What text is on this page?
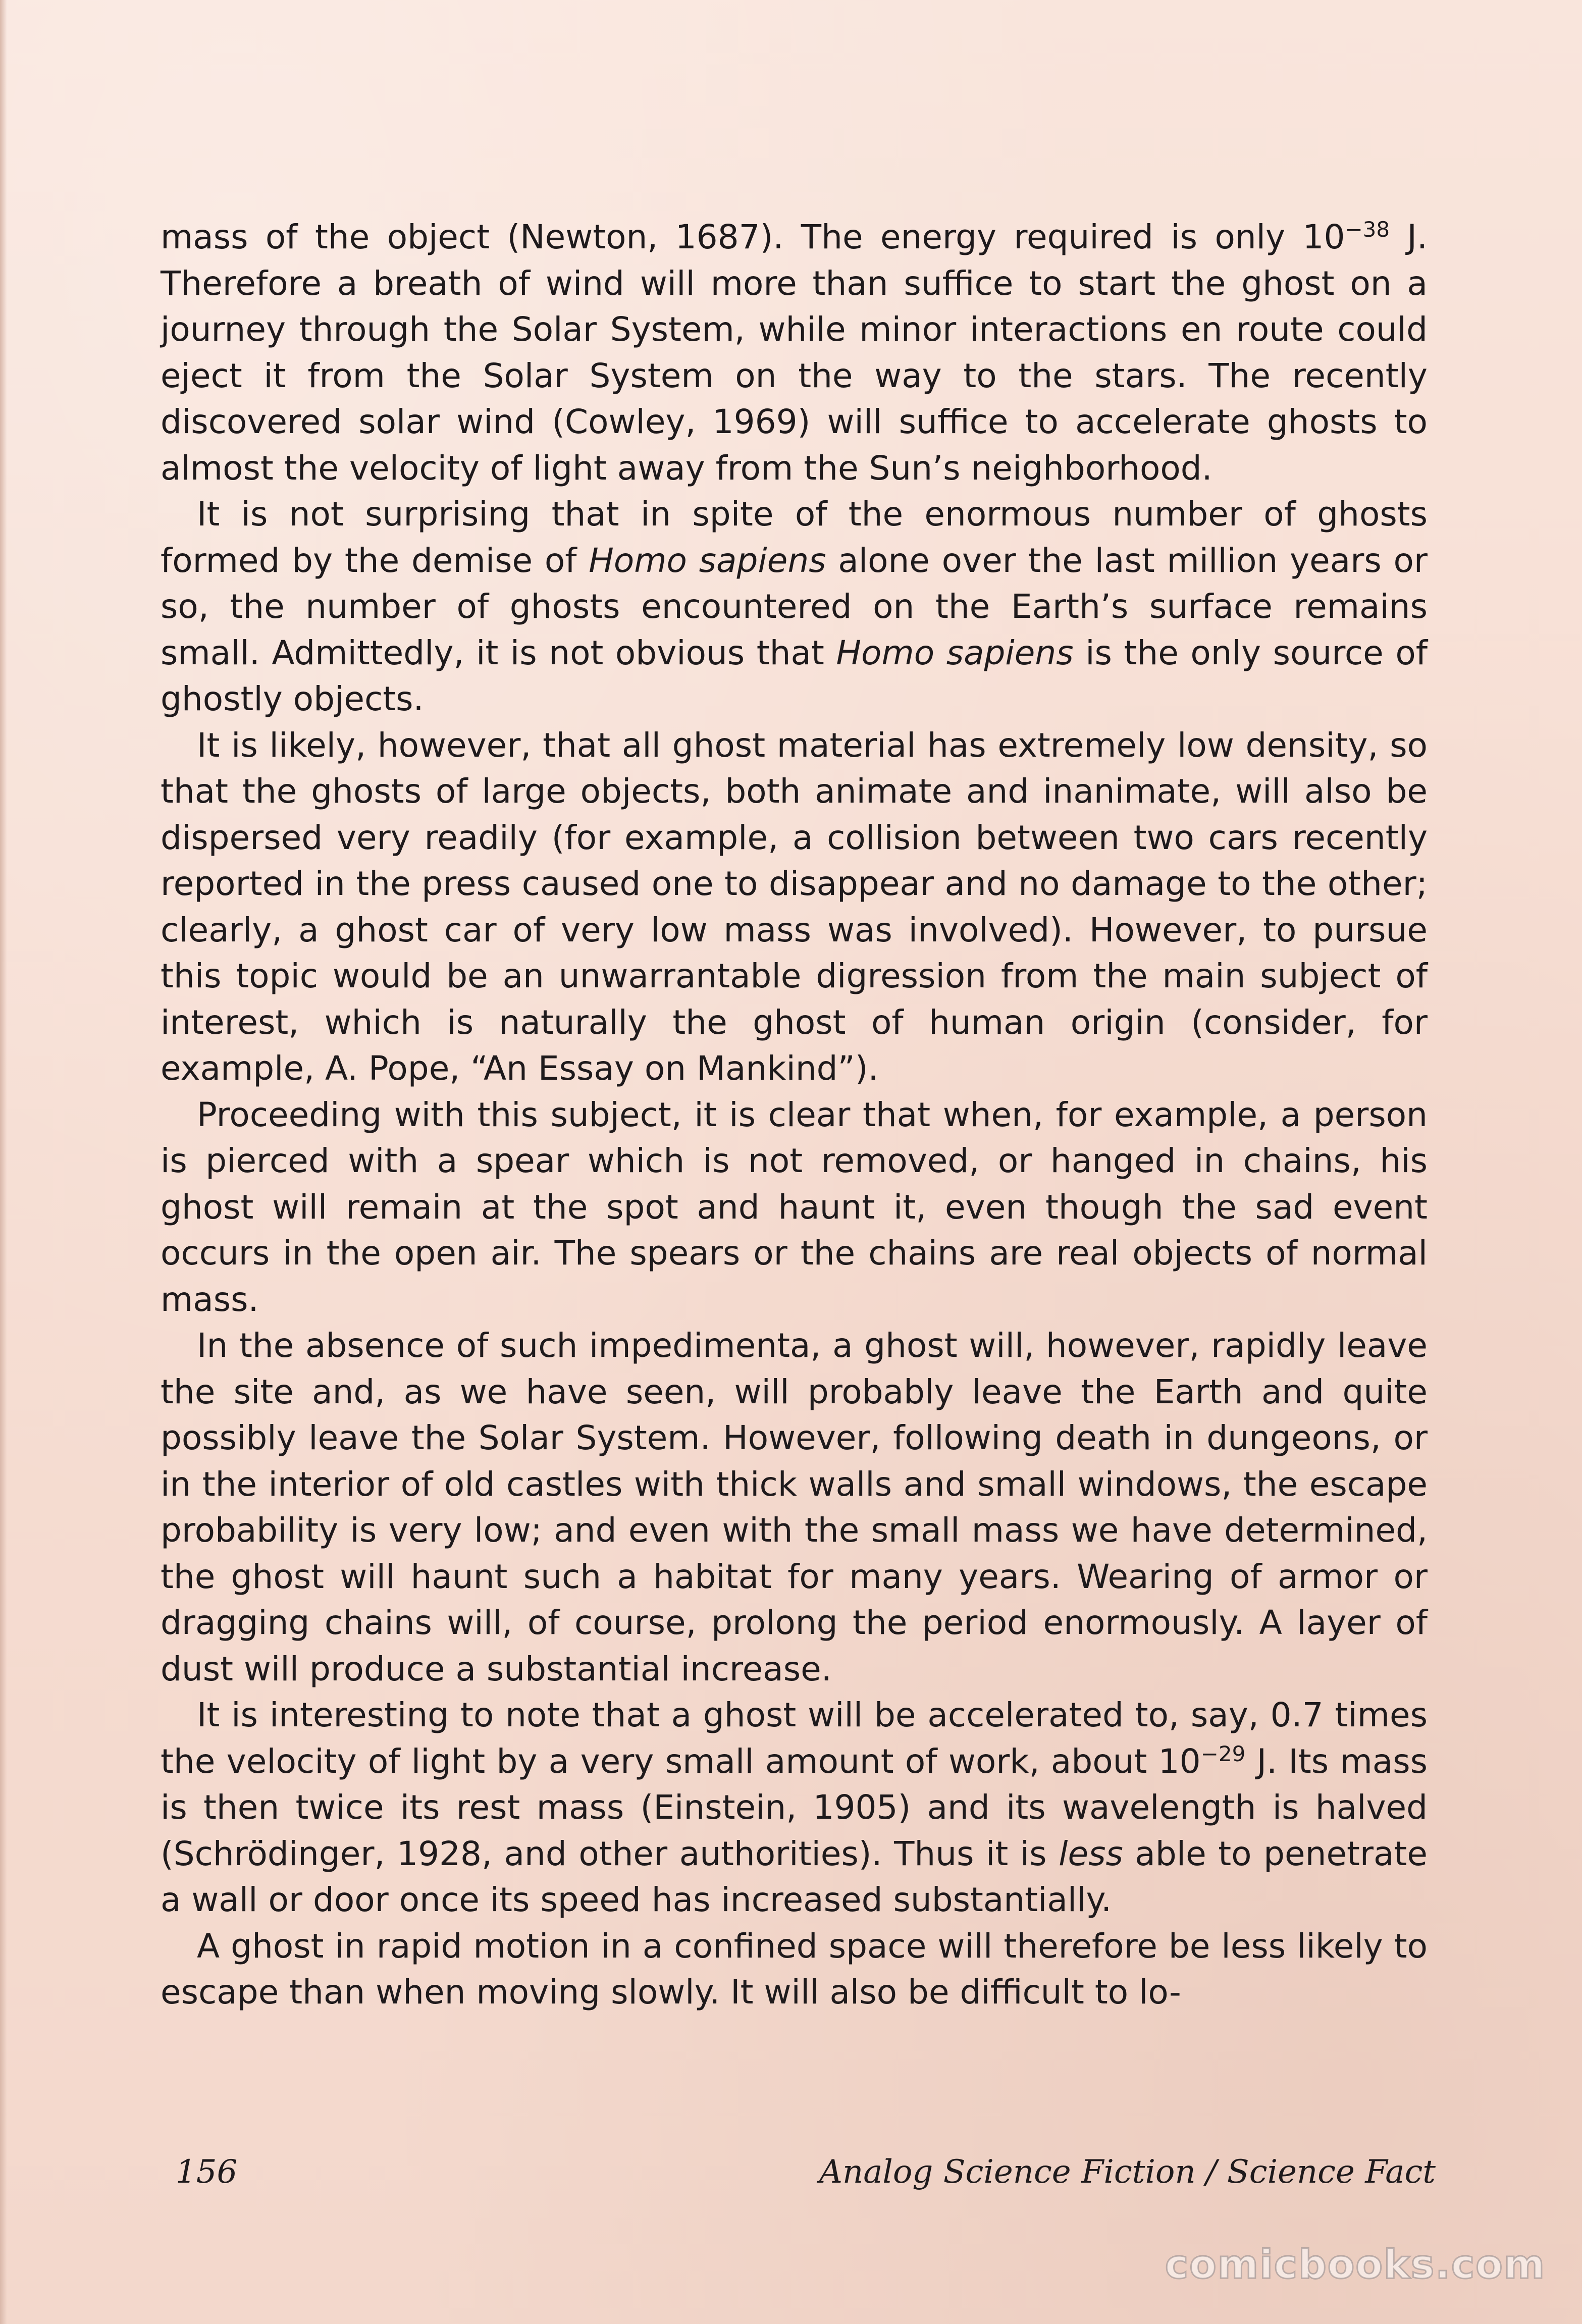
mass of the object (Newton, 1687). The energy required is only $10^{-38}$ J. Therefore a breath of wind will more than suffice to start the ghost on a journey through the Solar System, while minor interactions en route could eject it from the Solar System on the way to the stars. The recently discovered solar wind (Cowley, 1969) will suffice to accelerate ghosts to almost the velocity of light away from the Sun’s neighborhood.

It is not surprising that in spite of the enormous number of ghosts formed by the demise of Homo sapiens alone over the last million years or so, the number of ghosts encountered on the Earth’s surface remains small. Admittedly, it is not obvious that Homo sapiens is the only source of ghostly objects.

It is likely, however, that all ghost material has extremely low density, so that the ghosts of large objects, both animate and inanimate, will also be dispersed very readily (for example, a collision between two cars recently reported in the press caused one to disappear and no damage to the other; clearly, a ghost car of very low mass was involved). However, to pursue this topic would be an unwarrantable digression from the main subject of interest, which is naturally the ghost of human origin (consider, for example, A. Pope, “An Essay on Mankind”).

Proceeding with this subject, it is clear that when, for example, a person is pierced with a spear which is not removed, or hanged in chains, his ghost will remain at the spot and haunt it, even though the sad event occurs in the open air. The spears or the chains are real objects of normal mass.

In the absence of such impedimenta, a ghost will, however, rapidly leave the site and, as we have seen, will probably leave the Earth and quite possibly leave the Solar System. However, following death in dungeons, or in the interior of old castles with thick walls and small windows, the escape probability is very low; and even with the small mass we have determined, the ghost will haunt such a habitat for many years. Wearing of armor or dragging chains will, of course, prolong the period enormously. A layer of dust will produce a substantial increase.

It is interesting to note that a ghost will be accelerated to, say, 0.7 times the velocity of light by a very small amount of work, about $10^{-29}$ J. Its mass is then twice its rest mass (Einstein, 1905) and its wavelength is halved (Schrödinger, 1928, and other authorities). Thus it is less able to penetrate a wall or door once its speed has increased substantially.

A ghost in rapid motion in a confined space will therefore be less likely to escape than when moving slowly. It will also be difficult to lo-

156	Analog Science Fiction / Science Fact
comicbooks.com
